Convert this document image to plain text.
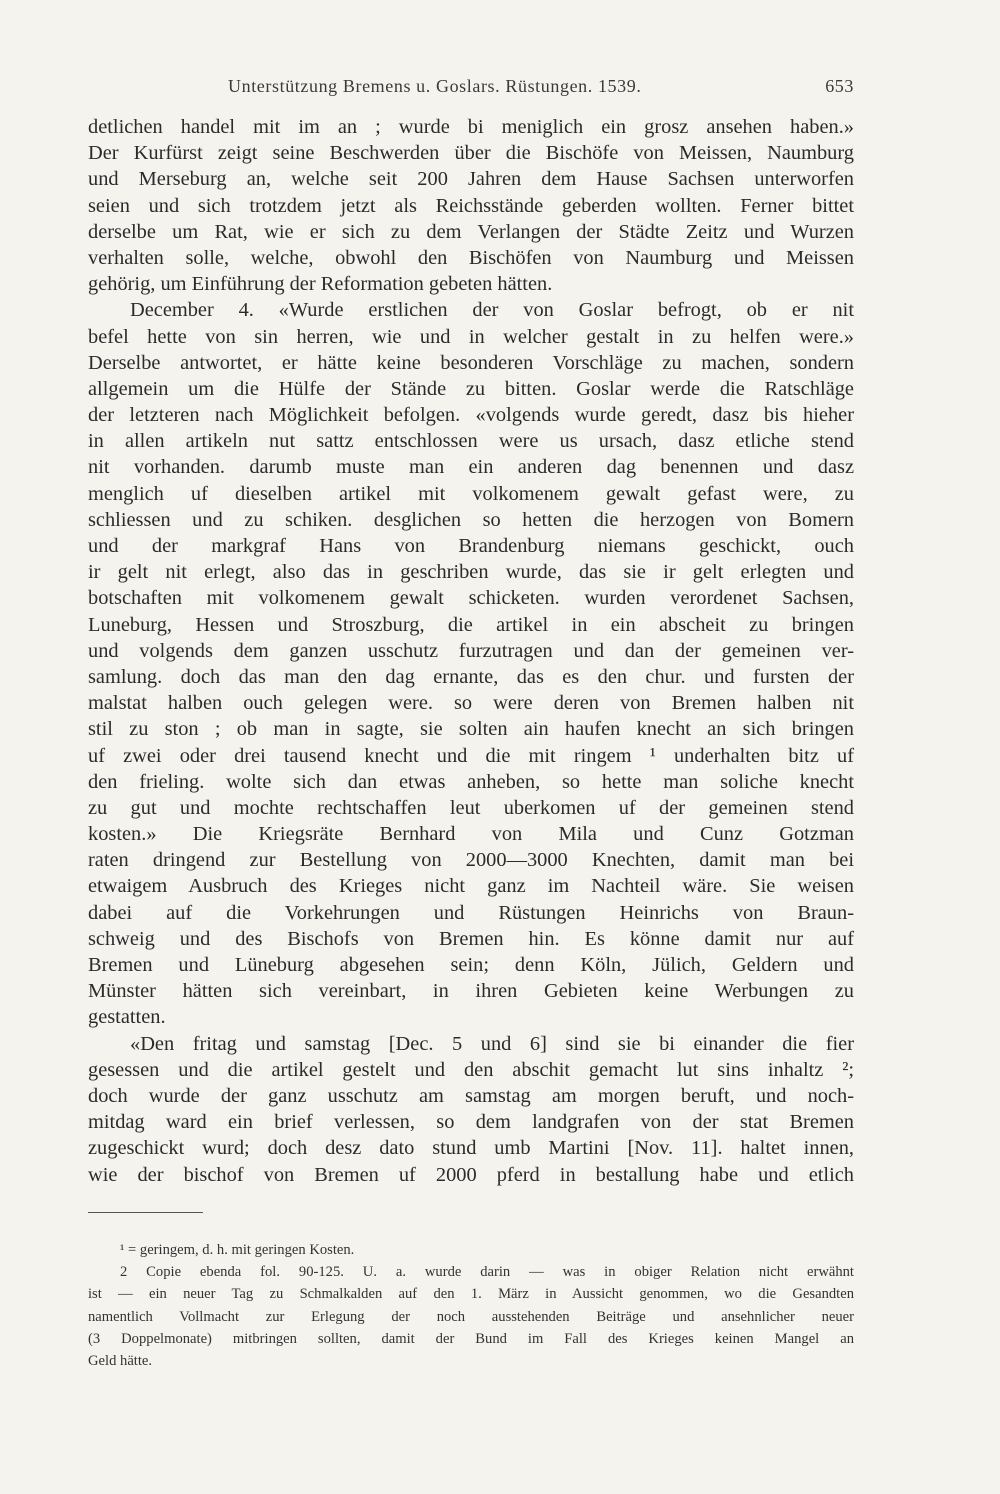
Unterstützung Bremens u. Goslars. Rüstungen. 1539.	653
detlichen handel mit im an ; wurde bi meniglich ein grosz ansehen haben.»
Der Kurfürst zeigt seine Beschwerden über die Bischöfe von Meissen, Naumburg
und Merseburg an, welche seit 200 Jahren dem Hause Sachsen unterworfen
seien und sich trotzdem jetzt als Reichsstände geberden wollten. Ferner bittet
derselbe um Rat, wie er sich zu dem Verlangen der Städte Zeitz und Wurzen
verhalten solle, welche, obwohl den Bischöfen von Naumburg und Meissen
gehörig, um Einführung der Reformation gebeten hätten.
December 4. «Wurde erstlichen der von Goslar befrogt, ob er nit
befel hette von sin herren, wie und in welcher gestalt in zu helfen were.»
Derselbe antwortet, er hätte keine besonderen Vorschläge zu machen, sondern
allgemein um die Hülfe der Stände zu bitten. Goslar werde die Ratschläge
der letzteren nach Möglichkeit befolgen. «volgends wurde geredt, dasz bis hieher
in allen artikeln nut sattz entschlossen were us ursach, dasz etliche stend
nit vorhanden. darumb muste man ein anderen dag benennen und dasz
menglich uf dieselben artikel mit volkomenem gewalt gefast were, zu
schliessen und zu schiken. desglichen so hetten die herzogen von Bomern
und der markgraf Hans von Brandenburg niemans geschickt, ouch
ir gelt nit erlegt, also das in geschriben wurde, das sie ir gelt erlegten und
botschaften mit volkomenem gewalt schicketen. wurden verordenet Sachsen,
Luneburg, Hessen und Stroszburg, die artikel in ein abscheit zu bringen
und volgends dem ganzen usschutz furzutragen und dan der gemeinen ver-
samlung. doch das man den dag ernante, das es den chur. und fursten der
malstat halben ouch gelegen were. so were deren von Bremen halben nit
stil zu ston ; ob man in sagte, sie solten ain haufen knecht an sich bringen
uf zwei oder drei tausend knecht und die mit ringem ¹ underhalten bitz uf
den frieling. wolte sich dan etwas anheben, so hette man soliche knecht
zu gut und mochte rechtschaffen leut uberkomen uf der gemeinen stend
kosten.» Die Kriegsräte Bernhard von Mila und Cunz Gotzman
raten dringend zur Bestellung von 2000—3000 Knechten, damit man bei
etwaigem Ausbruch des Krieges nicht ganz im Nachteil wäre. Sie weisen
dabei auf die Vorkehrungen und Rüstungen Heinrichs von Braun-
schweig und des Bischofs von Bremen hin. Es könne damit nur auf
Bremen und Lüneburg abgesehen sein; denn Köln, Jülich, Geldern und
Münster hätten sich vereinbart, in ihren Gebieten keine Werbungen zu
gestatten.
«Den fritag und samstag [Dec. 5 und 6] sind sie bi einander die fier
gesessen und die artikel gestelt und den abschit gemacht lut sins inhaltz ²;
doch wurde der ganz usschutz am samstag am morgen beruft, und noch-
mitdag ward ein brief verlessen, so dem landgrafen von der stat Bremen
zugeschickt wurd; doch desz dato stund umb Martini [Nov. 11]. haltet innen,
wie der bischof von Bremen uf 2000 pferd in bestallung habe und etlich
¹ = geringem, d. h. mit geringen Kosten.
2 Copie ebenda fol. 90-125. U. a. wurde darin — was in obiger Relation nicht erwähnt
ist — ein neuer Tag zu Schmalkalden auf den 1. März in Aussicht genommen, wo die Gesandten
namentlich Vollmacht zur Erlegung der noch ausstehenden Beiträge und ansehnlicher neuer
(3 Doppelmonate) mitbringen sollten, damit der Bund im Fall des Krieges keinen Mangel an
Geld hätte.
